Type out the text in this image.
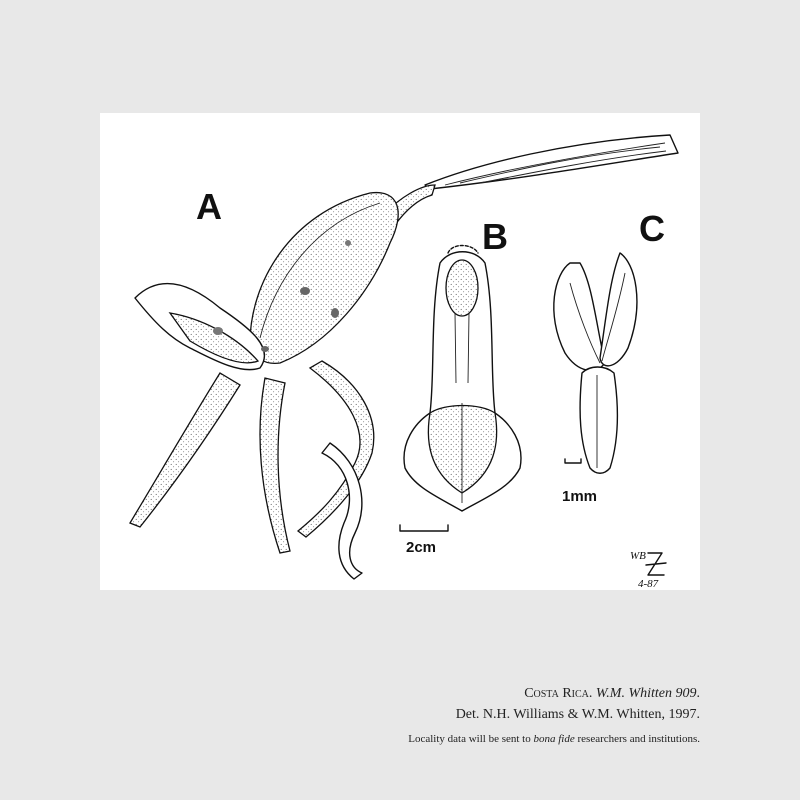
A
B	C
2cm
1mm
WB
4-87
Costa Rica. W.M. Whitten 909.
Det. N.H. Williams & W.M. Whitten, 1997.
Locality data will be sent to bona fide researchers and institutions.
